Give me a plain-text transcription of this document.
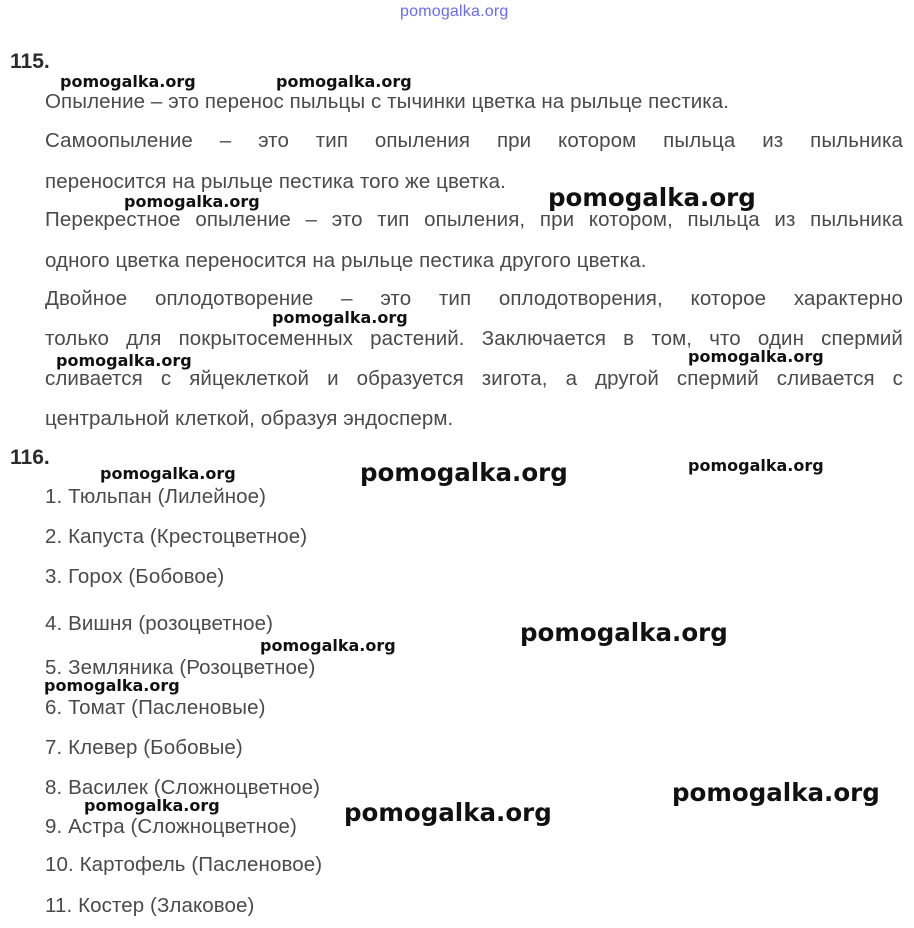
pomogalka.org
115.
Опыление – это перенос пыльцы с тычинки цветка на рыльце пестика.
Самоопыление – это тип опыления при котором пыльца из пыльника
переносится на рыльце пестика того же цветка.
Перекрестное опыление – это тип опыления, при котором, пыльца из пыльника
одного цветка переносится на рыльце пестика другого цветка.
Двойное оплодотворение – это тип оплодотворения, которое характерно
только для покрытосеменных растений. Заключается в том, что один спермий
сливается с яйцеклеткой и образуется зигота, а другой спермий сливается с
центральной клеткой, образуя эндосперм.
116.
1. Тюльпан (Лилейное)
2. Капуста (Крестоцветное)
3. Горох (Бобовое)
4. Вишня (розоцветное)
5. Земляника (Розоцветное)
6. Томат (Пасленовые)
7. Клевер (Бобовые)
8. Василек (Сложноцветное)
9. Астра (Сложноцветное)
10. Картофель (Пасленовое)
11. Костер (Злаковое)
pomogalka.org	pomogalka.org
pomogalka.org
pomogalka.org
pomogalka.org
pomogalka.org	pomogalka.org
pomogalka.org	pomogalka.org	pomogalka.org
pomogalka.org	pomogalka.org
pomogalka.org
pomogalka.org
pomogalka.org	pomogalka.org
